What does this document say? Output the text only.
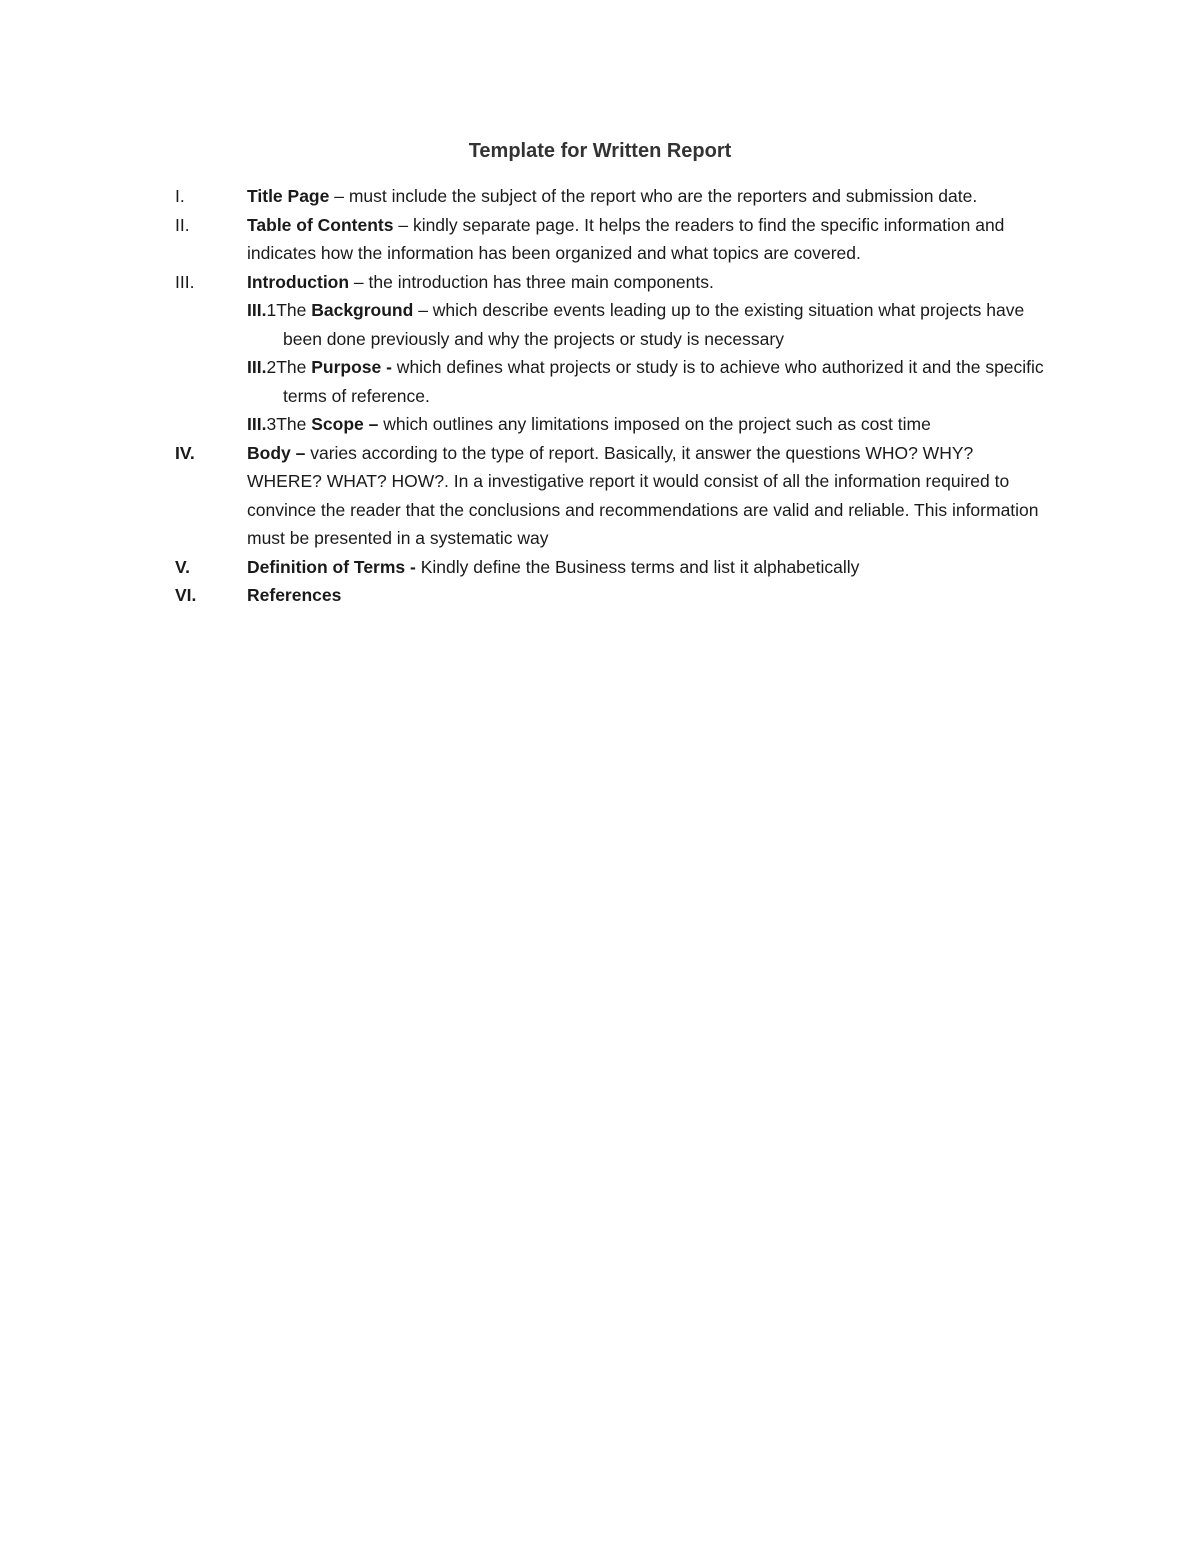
Template for Written Report
I.	Title Page – must include the subject of the report who are the reporters and submission date.
II.	Table of Contents – kindly separate page. It helps the readers to find the specific information and indicates how the information has been organized and what topics are covered.
III.	Introduction – the introduction has three main components.
III.1The Background – which describe events leading up to the existing situation what projects have been done previously and why the projects or study is necessary
III.2The Purpose - which defines what projects or study is to achieve who authorized it and the specific terms of reference.
III.3The Scope – which outlines any limitations imposed on the project such as cost time
IV.	Body – varies according to the type of report. Basically, it answer the questions WHO? WHY? WHERE? WHAT? HOW?. In a investigative report it would consist of all the information required to convince the reader that the conclusions and recommendations are valid and reliable. This information must be presented in a systematic way
V.	Definition of Terms - Kindly define the Business terms and list it alphabetically
VI.	References
